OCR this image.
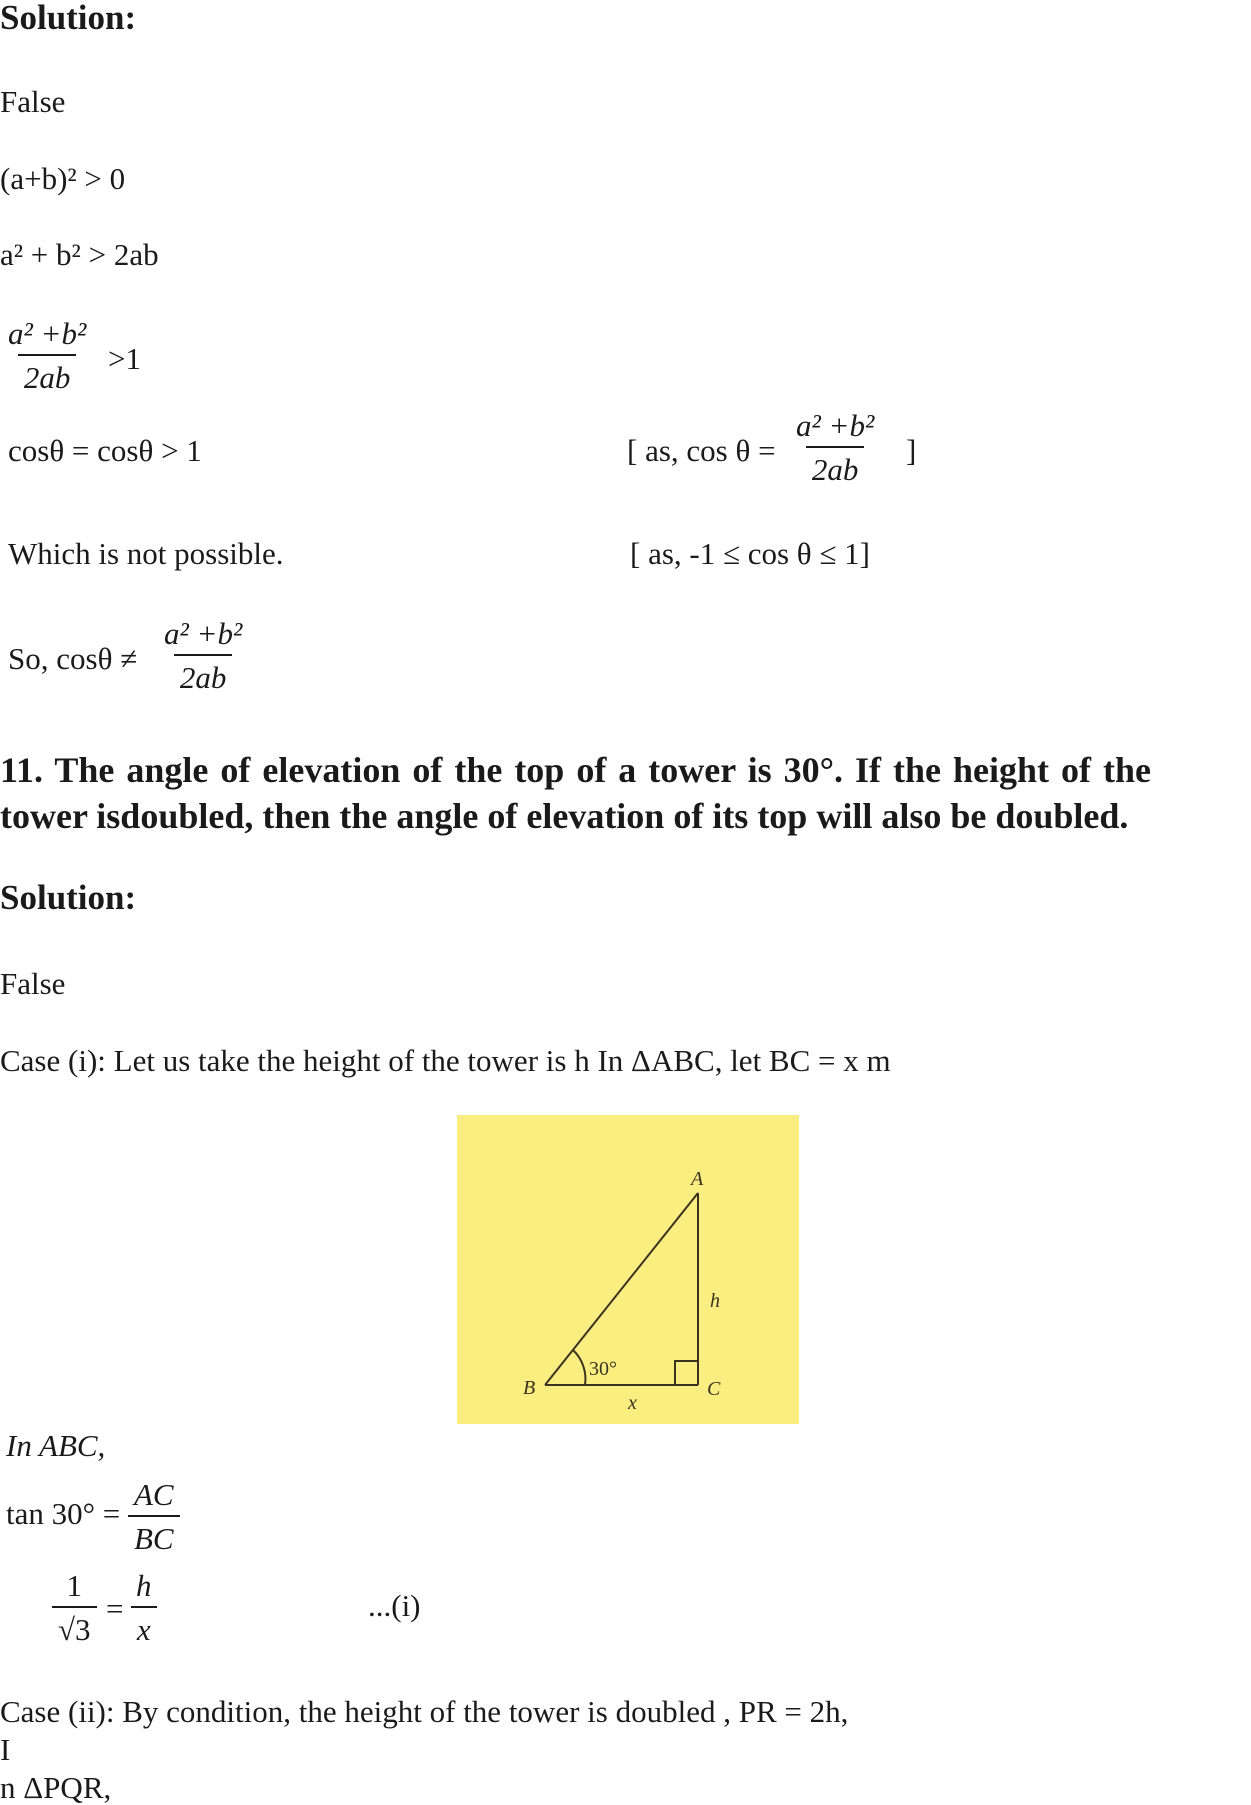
Solution:
False
(a+b)² > 0
a² + b² > 2ab
$\frac{\text{a² +b²}}{2ab} >1$
cosθ = cosθ > 1	[ as, $\cos \theta = \frac{\text{a² +b²}}{2ab}$ ]
Which is not possible.	[ as, -1 ≤ cos θ ≤ 1]
So, $\cos\theta \ne \frac{\text{a² +b²}}{2ab}$
11. The angle of elevation of the top of a tower is 30°. If the height of the
tower isdoubled, then the angle of elevation of its top will also be doubled.
Solution:
False
Case (i): Let us take the height of the tower is h In ΔABC, let BC = x m
A
B	C
h
x
30°
In ABC,
$\tan 30^\circ = \frac{AC}{BC}$
$\frac{1}{√3} = \frac{h}{x}$	...(i)
Case (ii): By condition, the height of the tower is doubled , PR = 2h,
I
n ΔPQR,
